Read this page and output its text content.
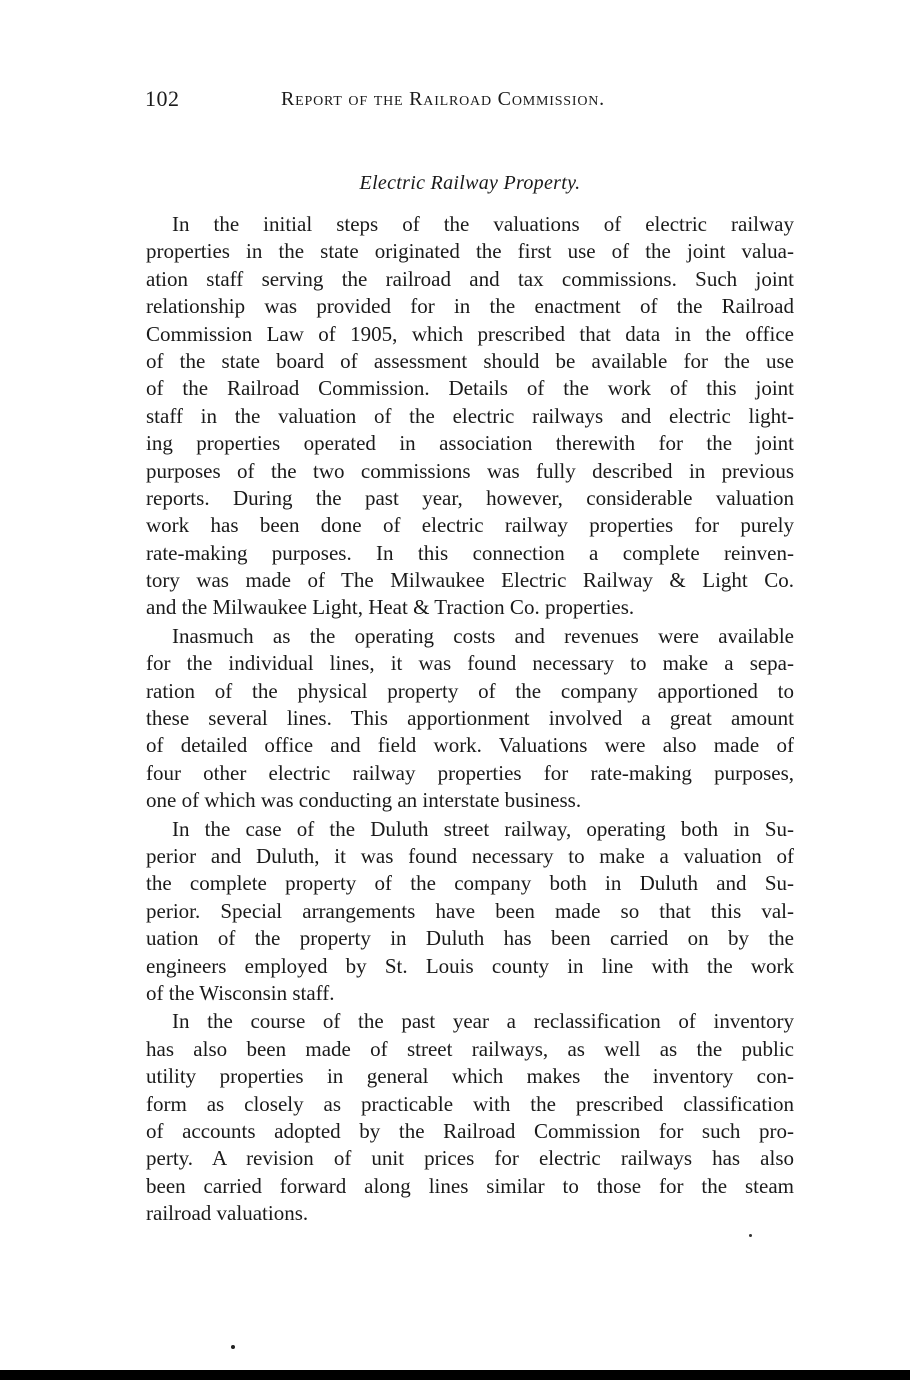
102	Report of the Railroad Commission.
Electric Railway Property.
In the initial steps of the valuations of electric railway
properties in the state originated the first use of the joint valua-
ation staff serving the railroad and tax commissions. Such joint
relationship was provided for in the enactment of the Railroad
Commission Law of 1905, which prescribed that data in the office
of the state board of assessment should be available for the use
of the Railroad Commission. Details of the work of this joint
staff in the valuation of the electric railways and electric light-
ing properties operated in association therewith for the joint
purposes of the two commissions was fully described in previous
reports. During the past year, however, considerable valuation
work has been done of electric railway properties for purely
rate-making purposes. In this connection a complete reinven-
tory was made of The Milwaukee Electric Railway & Light Co.
and the Milwaukee Light, Heat & Traction Co. properties.
Inasmuch as the operating costs and revenues were available
for the individual lines, it was found necessary to make a sepa-
ration of the physical property of the company apportioned to
these several lines. This apportionment involved a great amount
of detailed office and field work. Valuations were also made of
four other electric railway properties for rate-making purposes,
one of which was conducting an interstate business.
In the case of the Duluth street railway, operating both in Su-
perior and Duluth, it was found necessary to make a valuation of
the complete property of the company both in Duluth and Su-
perior. Special arrangements have been made so that this val-
uation of the property in Duluth has been carried on by the
engineers employed by St. Louis county in line with the work
of the Wisconsin staff.
In the course of the past year a reclassification of inventory
has also been made of street railways, as well as the public
utility properties in general which makes the inventory con-
form as closely as practicable with the prescribed classification
of accounts adopted by the Railroad Commission for such pro-
perty. A revision of unit prices for electric railways has also
been carried forward along lines similar to those for the steam
railroad valuations.
